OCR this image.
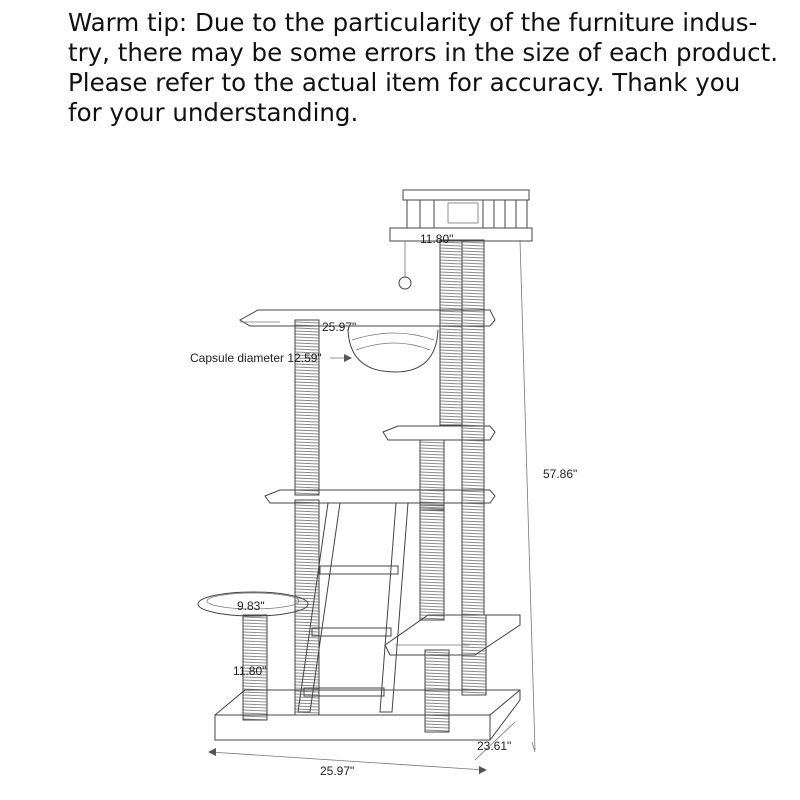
Warm tip: Due to the particularity of the furniture indus-
try, there may be some errors in the size of each product.
Please refer to the actual item for accuracy. Thank you
for your understanding.
11.80"
25.97"
Capsule diameter 12.59"
57.86"
9.83"
11.80"
23.61"
25.97"
